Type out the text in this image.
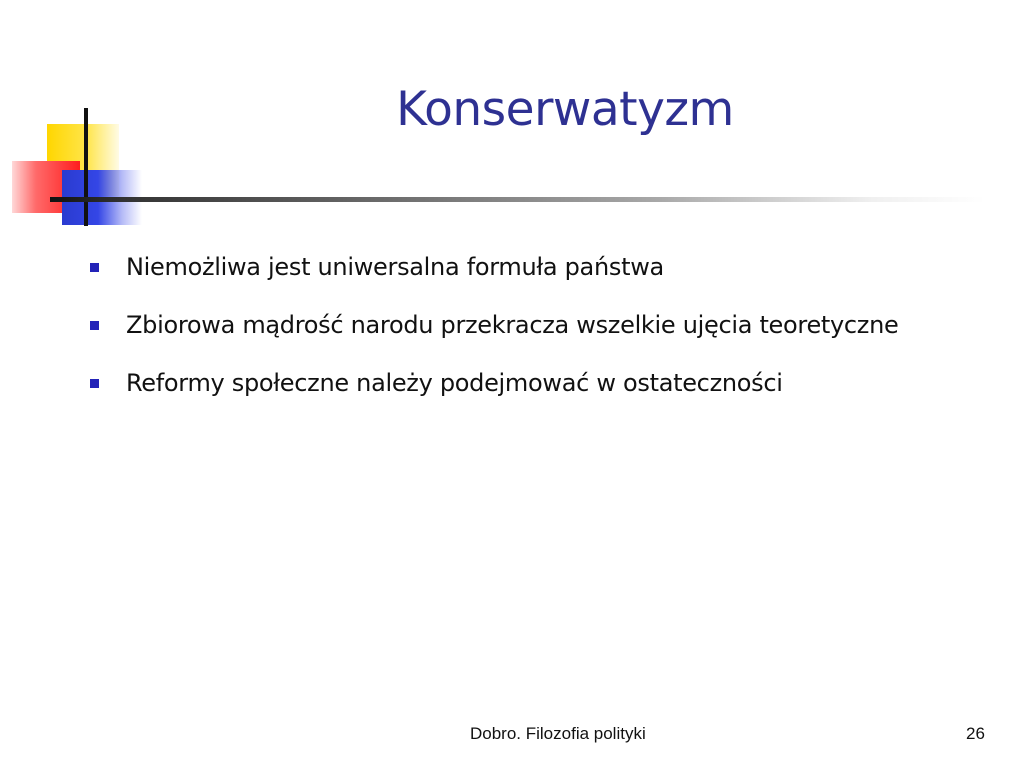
Konserwatyzm
Niemożliwa jest uniwersalna formuła państwa
Zbiorowa mądrość narodu przekracza wszelkie ujęcia teoretyczne
Reformy społeczne należy podejmować w ostateczności
Dobro. Filozofia polityki	26
